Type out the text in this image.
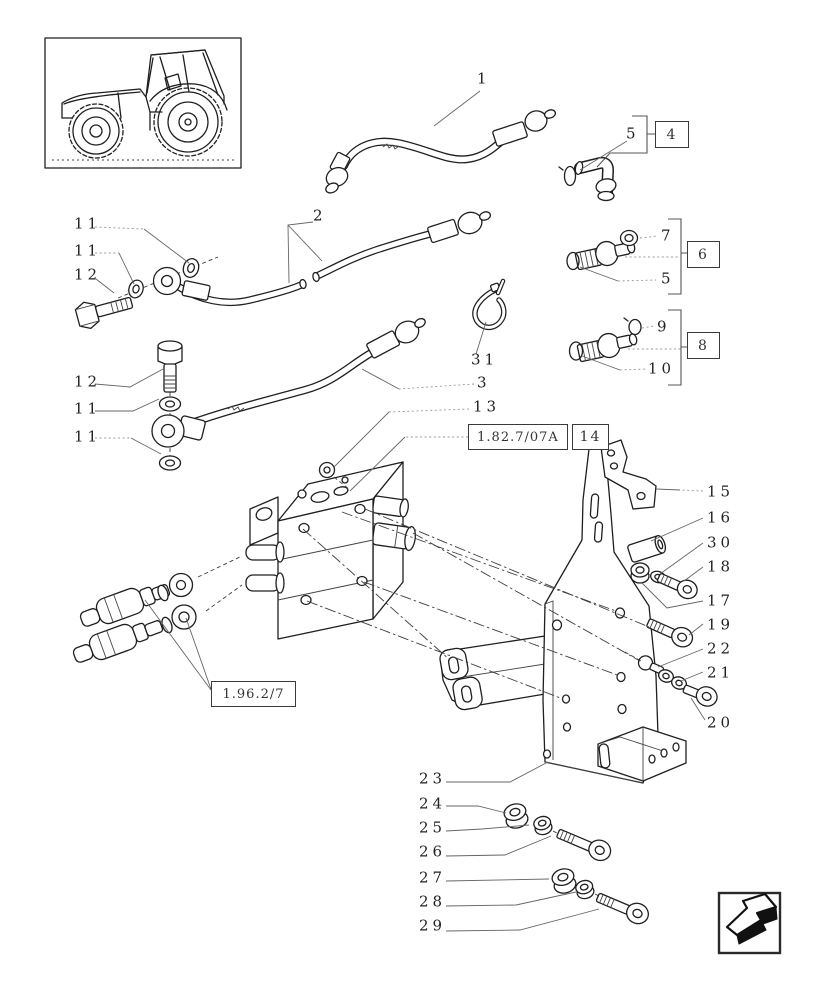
1
5
2
11
11
12
7
5
9
10
31
3
12
11
11
13
15
16
30
18
17
19
22
21
20
23
24
25
26
27
28
29
4
6
8
1.82.7/07A	14
1.96.2/7
